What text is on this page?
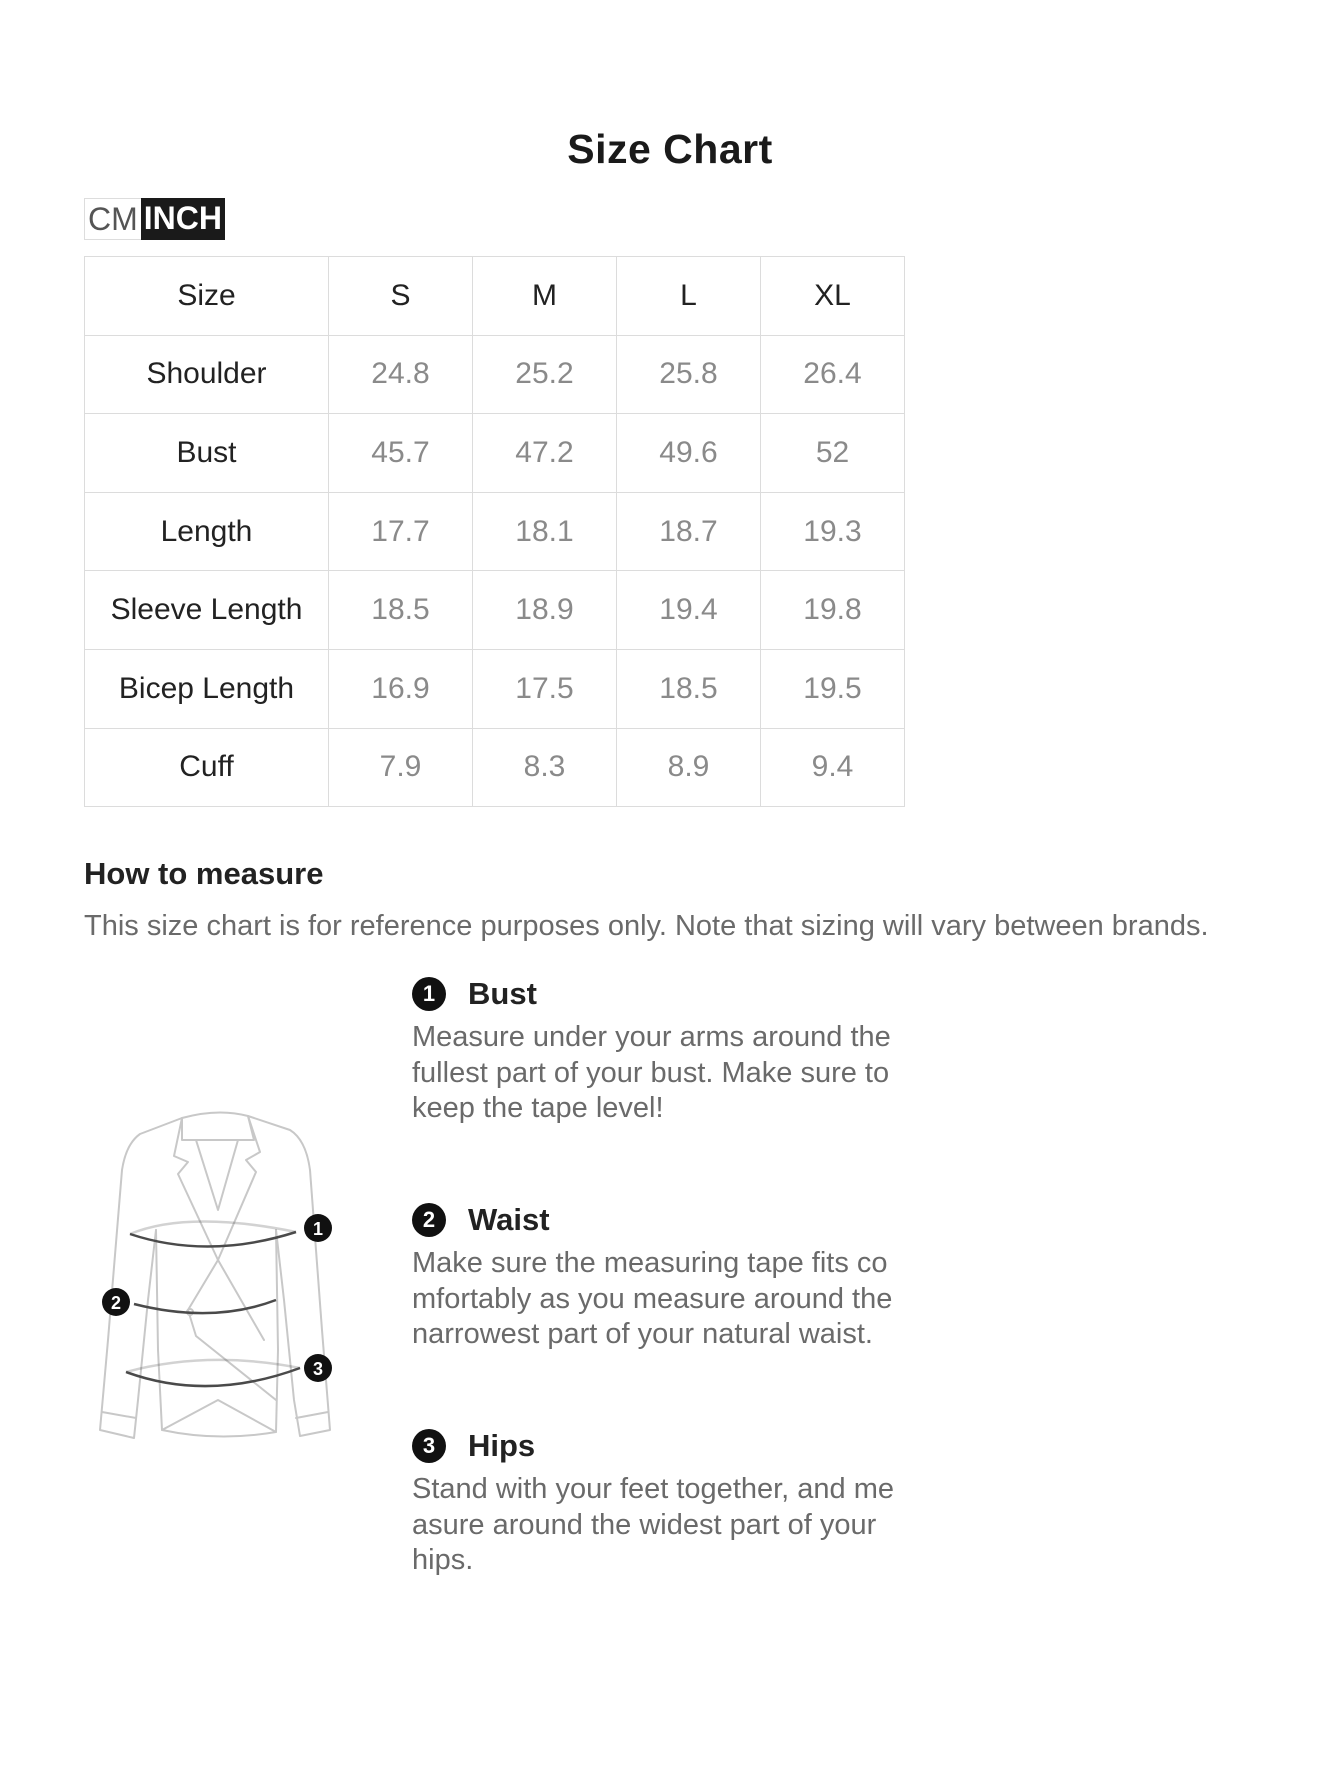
Size Chart
CM INCH
Size	S	M	L	XL
Shoulder	24.8	25.2	25.8	26.4
Bust	45.7	47.2	49.6	52
Length	17.7	18.1	18.7	19.3
Sleeve Length	18.5	18.9	19.4	19.8
Bicep Length	16.9	17.5	18.5	19.5
Cuff	7.9	8.3	8.9	9.4
How to measure
This size chart is for reference purposes only. Note that sizing will vary between brands.
1
2
3
1	Bust
Measure under your arms around the
fullest part of your bust. Make sure to
keep the tape level!
2	Waist
Make sure the measuring tape fits co
mfortably as you measure around the
narrowest part of your natural waist.
3	Hips
Stand with your feet together, and me
asure around the widest part of your
hips.
